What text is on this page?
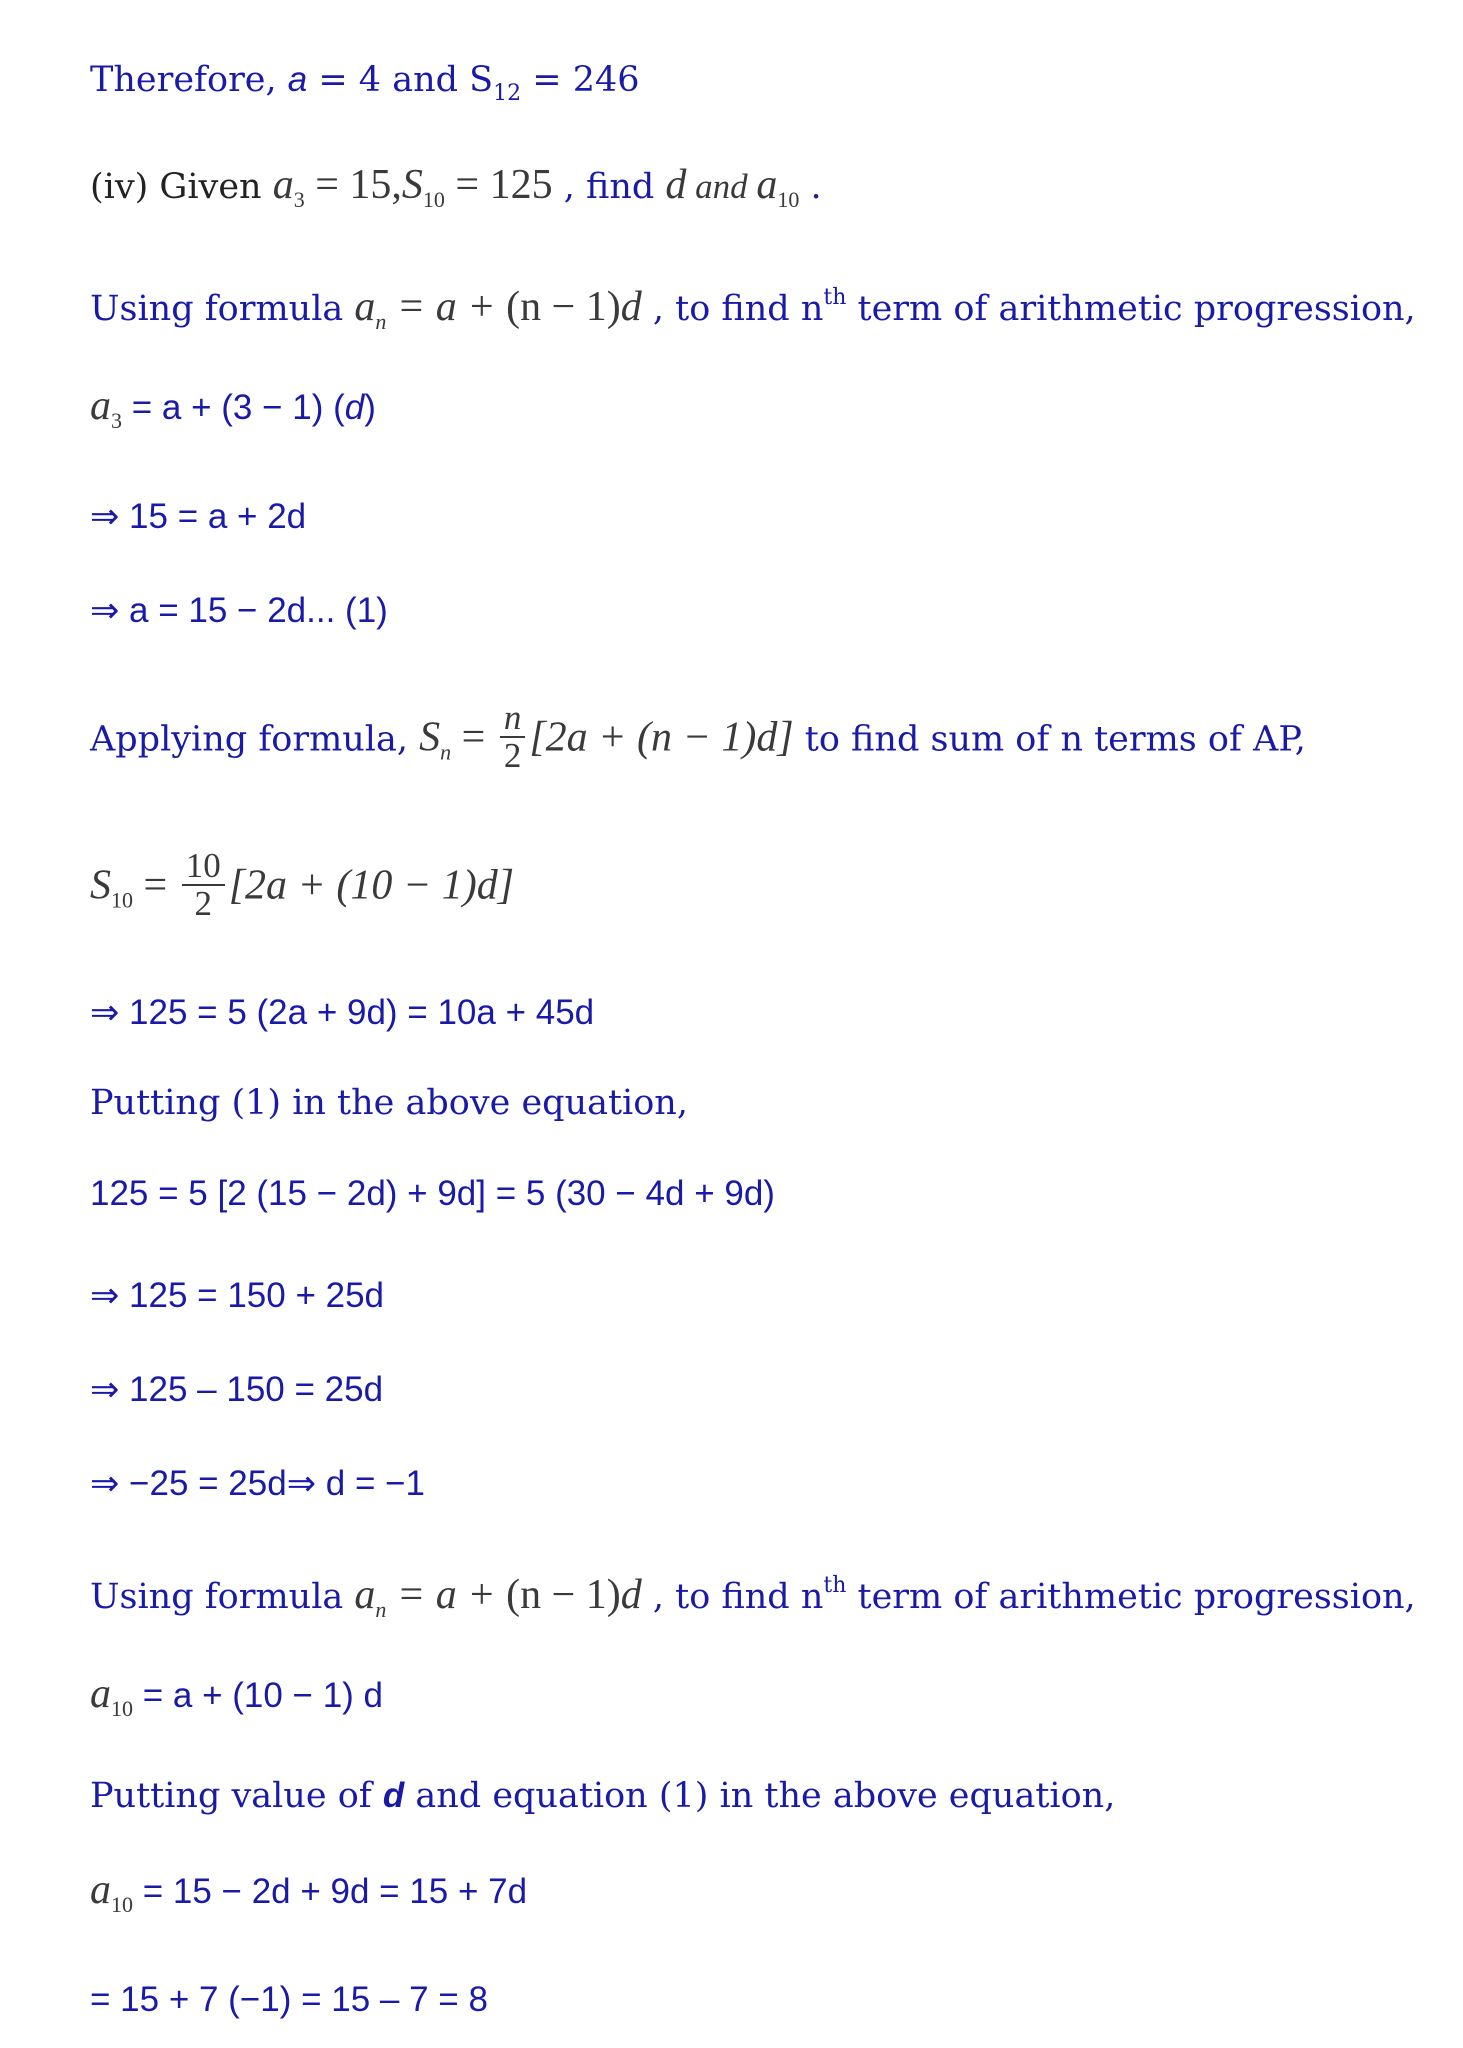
Therefore, a = 4 and $S_{12} = 246$
(iv) Given $a_3 = 15,S_{10} = 125$ , find d and $a_{10}$ .
Using formula $a_n = a + (n - 1)d$ , to find $n^{th}$ term of arithmetic progression,
$a_3 = a + (3 - 1)$ (d)
⇒ 15 = a + 2d
⇒ a = 15 − 2d... (1)
Applying formula, $S_n = \frac{n}{2} [2a + (n - 1)d]$ to find sum of n terms of AP,
$S_{10} = \frac{10}{2} [2a + (10 - 1)d]$
⇒ 125 = 5 (2a + 9d) = 10a + 45d
Putting (1) in the above equation,
125 = 5 [2 (15 − 2d) + 9d] = 5 (30 − 4d + 9d)
⇒ 125 = 150 + 25d
⇒ 125 – 150 = 25d
⇒ −25 = 25d⇒ d = −1
Using formula $a_n = a + (n - 1)d$ , to find $n^{th}$ term of arithmetic progression,
$a_{10} = a + (10 - 1)$ d
Putting value of d and equation (1) in the above equation,
$a_{10} = 15 - 2d + 9d = 15 + 7d$
= 15 + 7 (−1) = 15 – 7 = 8
